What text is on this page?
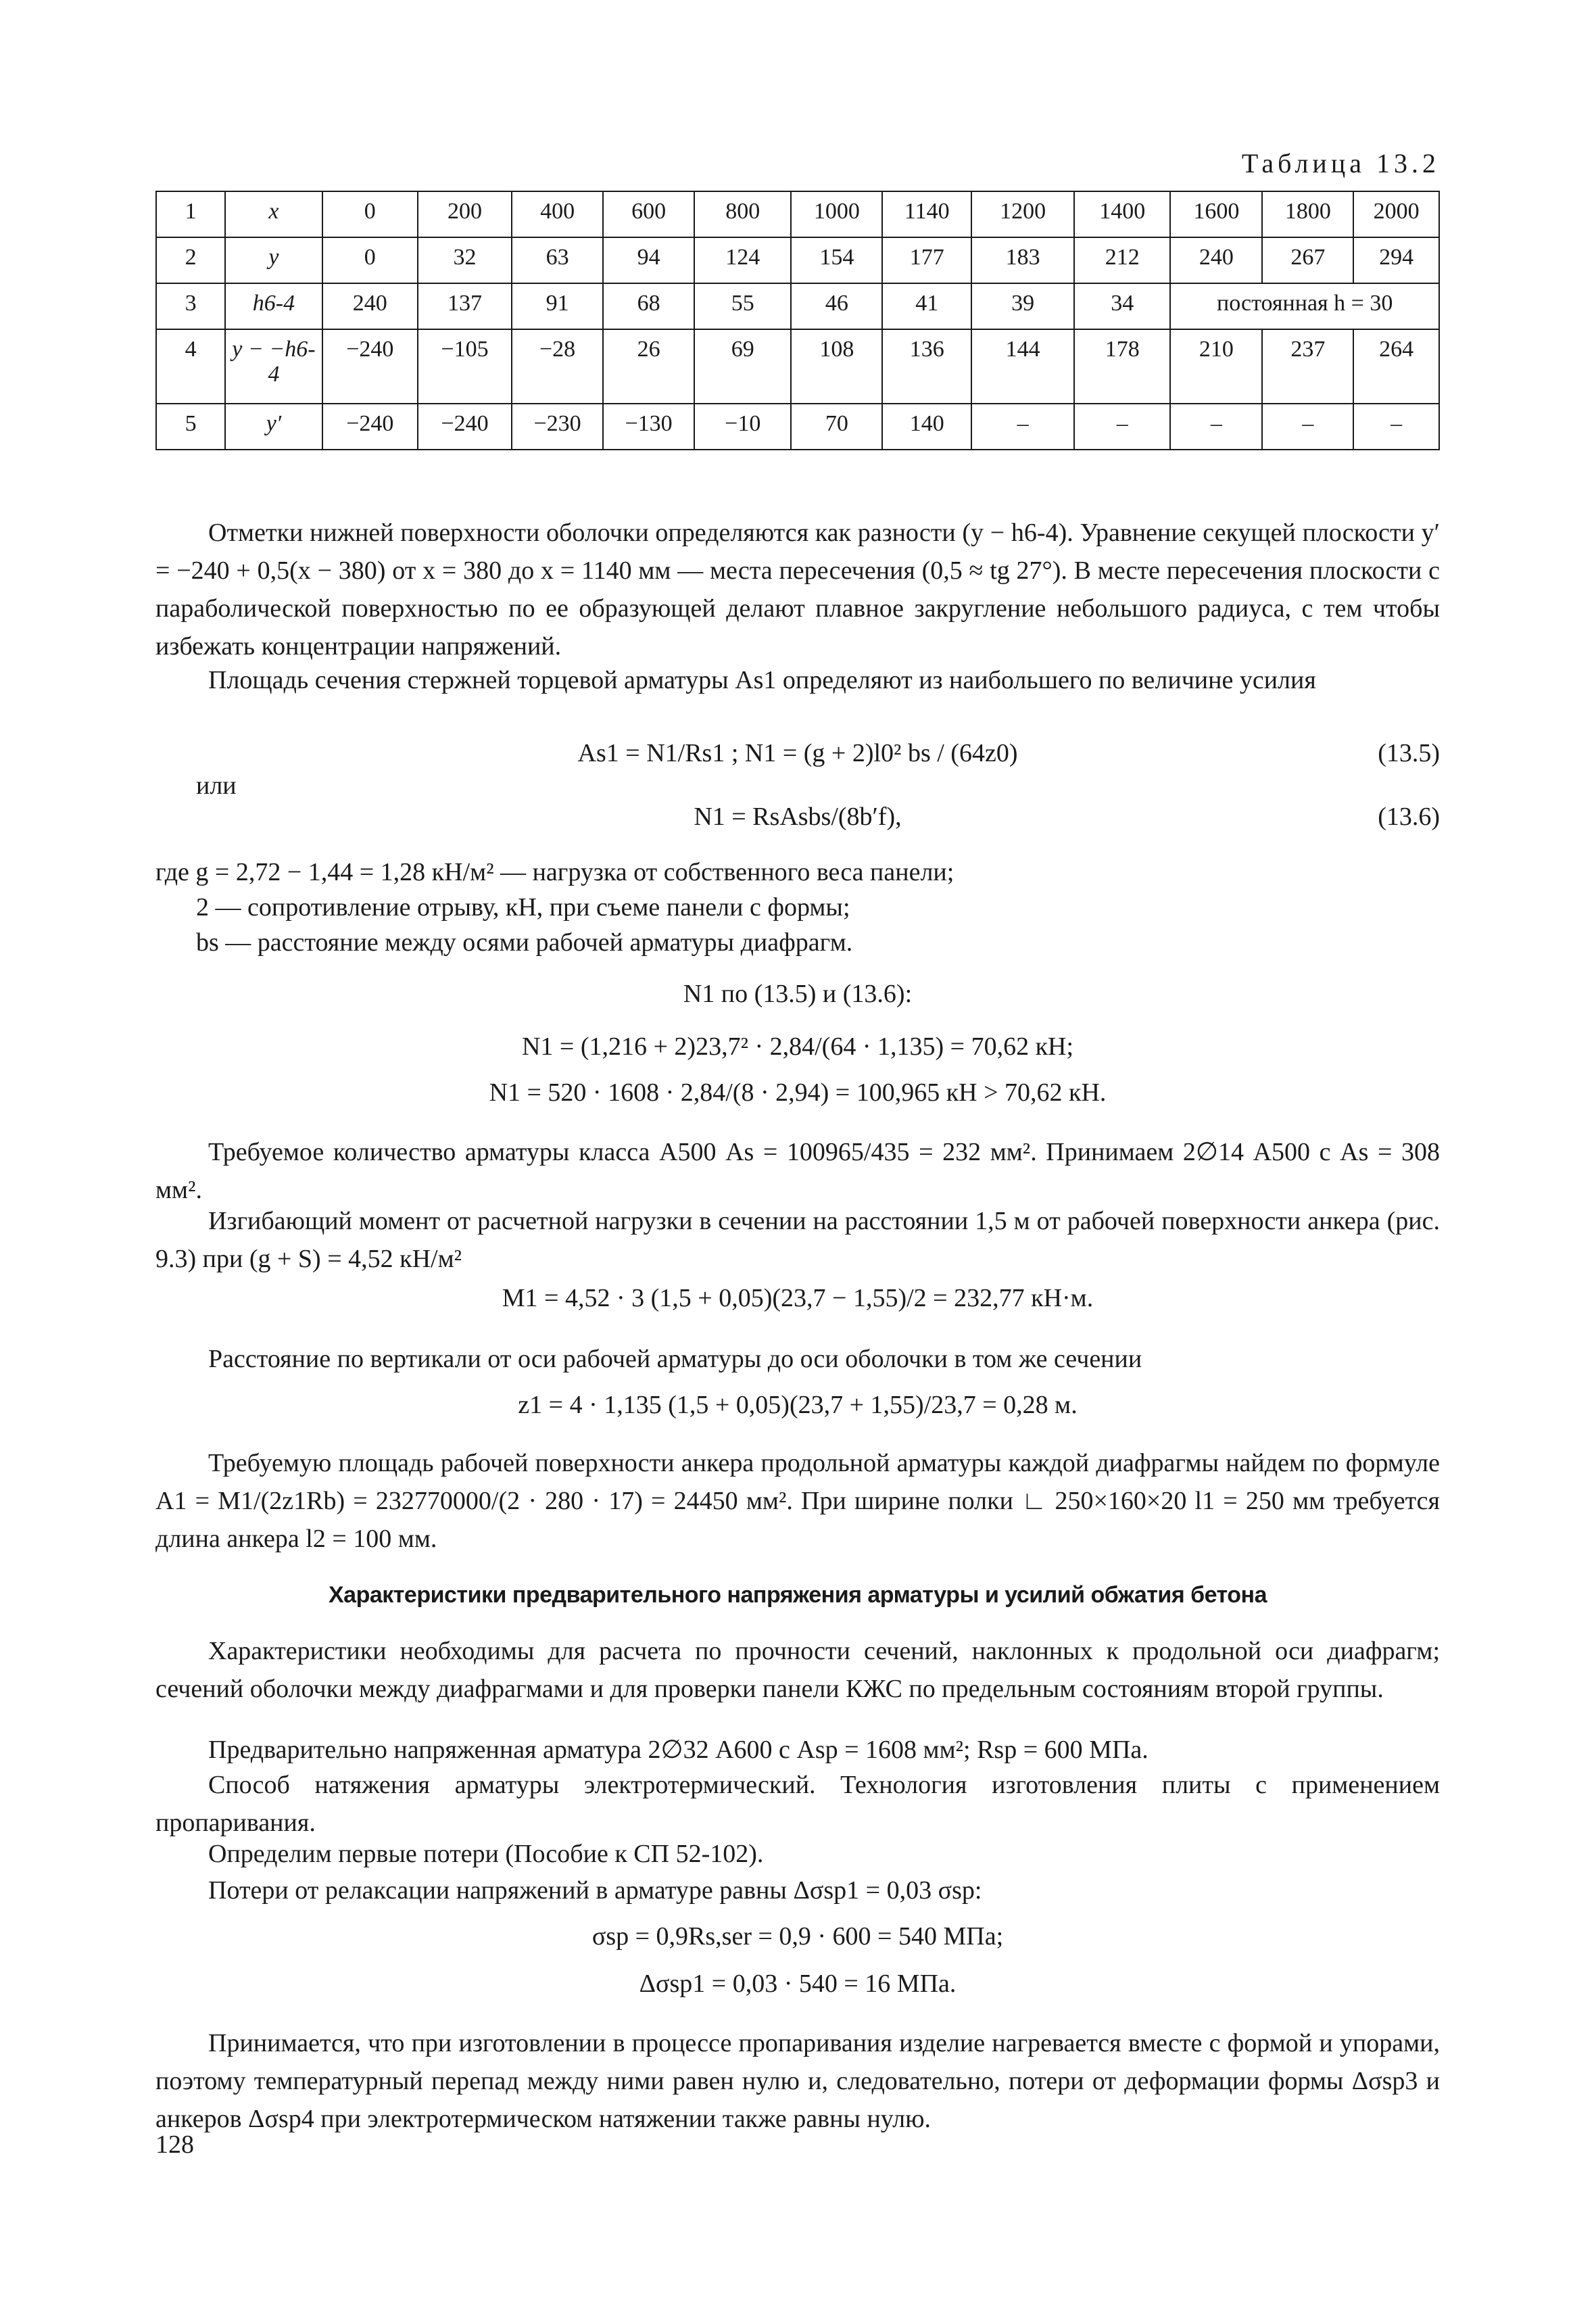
Таблица 13.2
1	x	0	200	400	600	800	1000	1140	1200	1400	1600	1800	2000
2	y	0	32	63	94	124	154	177	183	212	240	267	294
3	h6-4	240	137	91	68	55	46	41	39	34	постоянная h = 30		
4	y − −h6-4	−240	−105	−28	26	69	108	136	144	178	210	237	264
5	y′	−240	−240	−230	−130	−10	70	140	–	–	–	–	–
Отметки нижней поверхности оболочки определяются как разности (y − h6-4). Уравнение секущей плоскости y′ = −240 + 0,5(x − 380) от x = 380 до x = 1140 мм — места пересечения (0,5 ≈ tg 27°). В месте пересечения плоскости с параболической поверхностью по ее образующей делают плавное закругление небольшого радиуса, с тем чтобы избежать концентрации напряжений.
Площадь сечения стержней торцевой арматуры As1 определяют из наибольшего по величине усилия
As1 = N1/Rs1 ; N1 = (g + 2)l0² bs / (64z0)	(13.5)
или
N1 = RsAsbs/(8b′f),	(13.6)
где g = 2,72 − 1,44 = 1,28 кН/м² — нагрузка от собственного веса панели;
2 — сопротивление отрыву, кН, при съеме панели с формы;
bs — расстояние между осями рабочей арматуры диафрагм.
N1 по (13.5) и (13.6):
N1 = (1,216 + 2)23,7² · 2,84/(64 · 1,135) = 70,62 кН;
N1 = 520 · 1608 · 2,84/(8 · 2,94) = 100,965 кН > 70,62 кН.
Требуемое количество арматуры класса А500 As = 100965/435 = 232 мм². Принимаем 2∅14 А500 с As = 308 мм².
Изгибающий момент от расчетной нагрузки в сечении на расстоянии 1,5 м от рабочей поверхности анкера (рис. 9.3) при (g + S) = 4,52 кН/м²
M1 = 4,52 · 3 (1,5 + 0,05)(23,7 − 1,55)/2 = 232,77 кН·м.
Расстояние по вертикали от оси рабочей арматуры до оси оболочки в том же сечении
z1 = 4 · 1,135 (1,5 + 0,05)(23,7 + 1,55)/23,7 = 0,28 м.
Требуемую площадь рабочей поверхности анкера продольной арматуры каждой диафрагмы найдем по формуле A1 = M1/(2z1Rb) = 232770000/(2 · 280 · 17) = 24450 мм². При ширине полки ∟ 250×160×20 l1 = 250 мм требуется длина анкера l2 = 100 мм.
Характеристики предварительного напряжения арматуры и усилий обжатия бетона
Характеристики необходимы для расчета по прочности сечений, наклонных к продольной оси диафрагм; сечений оболочки между диафрагмами и для проверки панели КЖС по предельным состояниям второй группы.
Предварительно напряженная арматура 2∅32 А600 с Asp = 1608 мм²; Rsp = 600 МПа.
Способ натяжения арматуры электротермический. Технология изготовления плиты с применением пропаривания.
Определим первые потери (Пособие к СП 52-102).
Потери от релаксации напряжений в арматуре равны Δσsp1 = 0,03 σsp:
σsp = 0,9Rs,ser = 0,9 · 600 = 540 МПа;
Δσsp1 = 0,03 · 540 = 16 МПа.
Принимается, что при изготовлении в процессе пропаривания изделие нагревается вместе с формой и упорами, поэтому температурный перепад между ними равен нулю и, следовательно, потери от деформации формы Δσsp3 и анкеров Δσsp4 при электротермическом натяжении также равны нулю.
128
